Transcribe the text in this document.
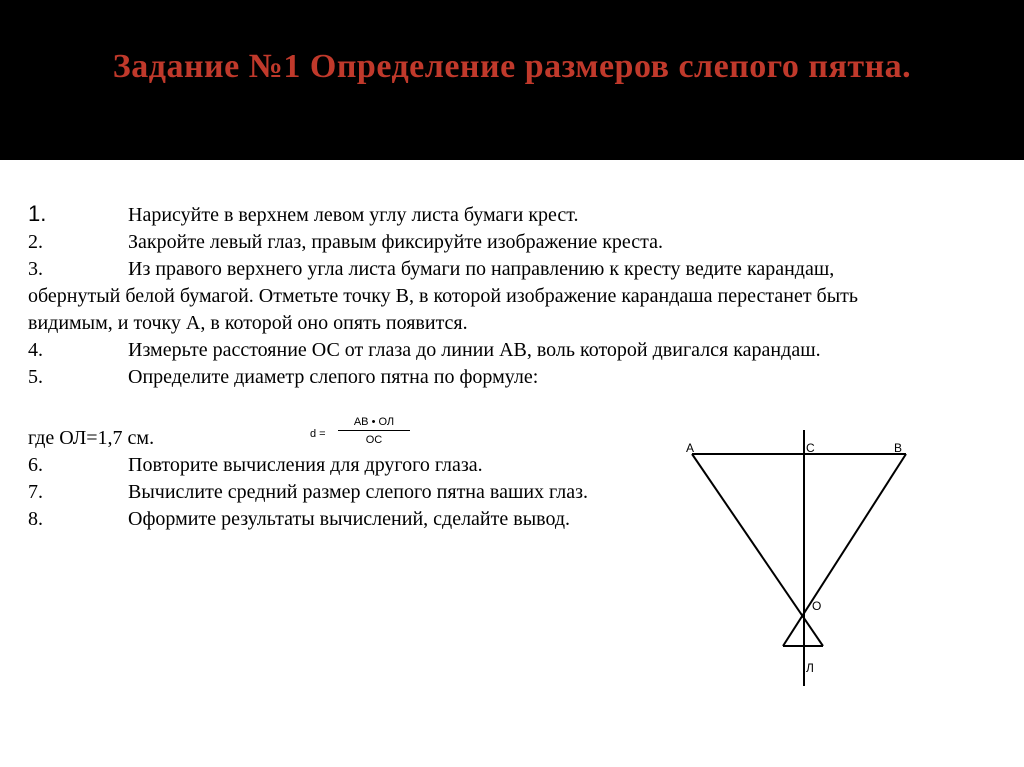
Задание №1 Определение размеров слепого пятна.

1.	Нарисуйте в верхнем левом углу листа бумаги крест.

2.	Закройте левый глаз, правым фиксируйте изображение креста.

3.	Из правого верхнего угла листа бумаги по направлению к кресту ведите карандаш, обернутый белой бумагой. Отметьте точку В, в которой изображение карандаша перестанет быть видимым, и точку А, в которой оно опять появится.

4.	Измерьте расстояние ОС от глаза до линии АВ, воль которой двигался карандаш.

5.	Определите диаметр слепого пятна по формуле:

где ОЛ=1,7 см.

6.	Повторите вычисления для другого глаза.

7.	Вычислите средний размер слепого пятна ваших глаз.

8.	Оформите результаты вычислений, сделайте вывод.

d =
АВ • ОЛ
ОС
А	С	В
О
Л
